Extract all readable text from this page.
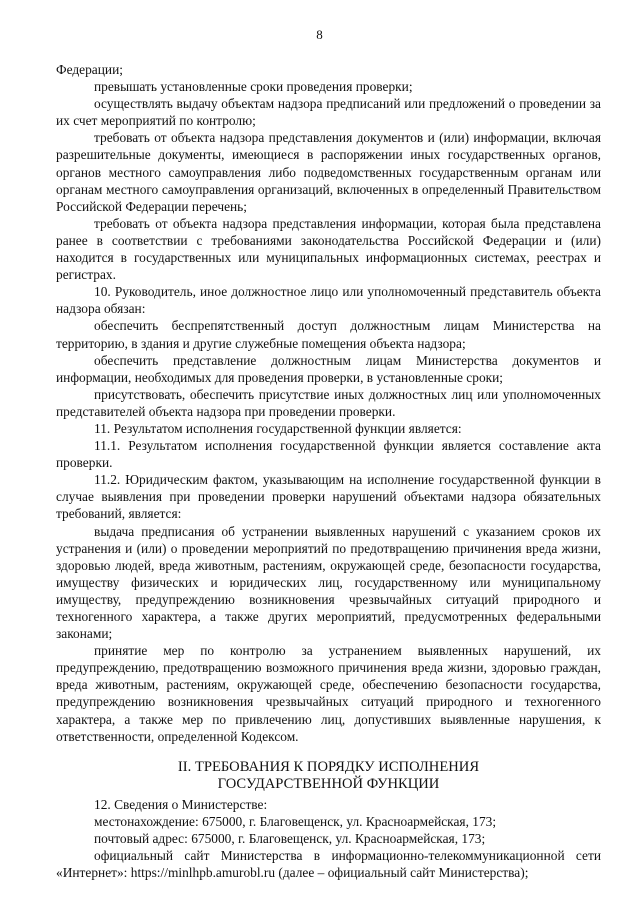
8

Федерации;

превышать установленные сроки проведения проверки;

осуществлять выдачу объектам надзора предписаний или предложений о проведении за их счет мероприятий по контролю;

требовать от объекта надзора представления документов и (или) информации, включая разрешительные документы, имеющиеся в распоряжении иных государственных органов, органов местного самоуправления либо подведомственных государственным органам или органам местного самоуправления организаций, включенных в определенный Правительством Российской Федерации перечень;

требовать от объекта надзора представления информации, которая была представлена ранее в соответствии с требованиями законодательства Российской Федерации и (или) находится в государственных или муниципальных информационных системах, реестрах и регистрах.

10. Руководитель, иное должностное лицо или уполномоченный представитель объекта надзора обязан:

обеспечить беспрепятственный доступ должностным лицам Министерства на территорию, в здания и другие служебные помещения объекта надзора;

обеспечить представление должностным лицам Министерства документов и информации, необходимых для проведения проверки, в установленные сроки;

присутствовать, обеспечить присутствие иных должностных лиц или уполномоченных представителей объекта надзора при проведении проверки.

11. Результатом исполнения государственной функции является:

11.1. Результатом исполнения государственной функции является составление акта проверки.

11.2. Юридическим фактом, указывающим на исполнение государственной функции в случае выявления при проведении проверки нарушений объектами надзора обязательных требований, является:

выдача предписания об устранении выявленных нарушений с указанием сроков их устранения и (или) о проведении мероприятий по предотвращению причинения вреда жизни, здоровью людей, вреда животным, растениям, окружающей среде, безопасности государства, имуществу физических и юридических лиц, государственному или муниципальному имуществу, предупреждению возникновения чрезвычайных ситуаций природного и техногенного характера, а также других мероприятий, предусмотренных федеральными законами;

принятие мер по контролю за устранением выявленных нарушений, их предупреждению, предотвращению возможного причинения вреда жизни, здоровью граждан, вреда животным, растениям, окружающей среде, обеспечению безопасности государства, предупреждению возникновения чрезвычайных ситуаций природного и техногенного характера, а также мер по привлечению лиц, допустивших выявленные нарушения, к ответственности, определенной Кодексом.

II. ТРЕБОВАНИЯ К ПОРЯДКУ ИСПОЛНЕНИЯ
ГОСУДАРСТВЕННОЙ ФУНКЦИИ

12. Сведения о Министерстве:

местонахождение: 675000, г. Благовещенск, ул. Красноармейская, 173;

почтовый адрес: 675000, г. Благовещенск, ул. Красноармейская, 173;

официальный сайт Министерства в информационно-телекоммуникационной сети «Интернет»: https://minlhpb.amurobl.ru (далее – официальный сайт Министерства);
